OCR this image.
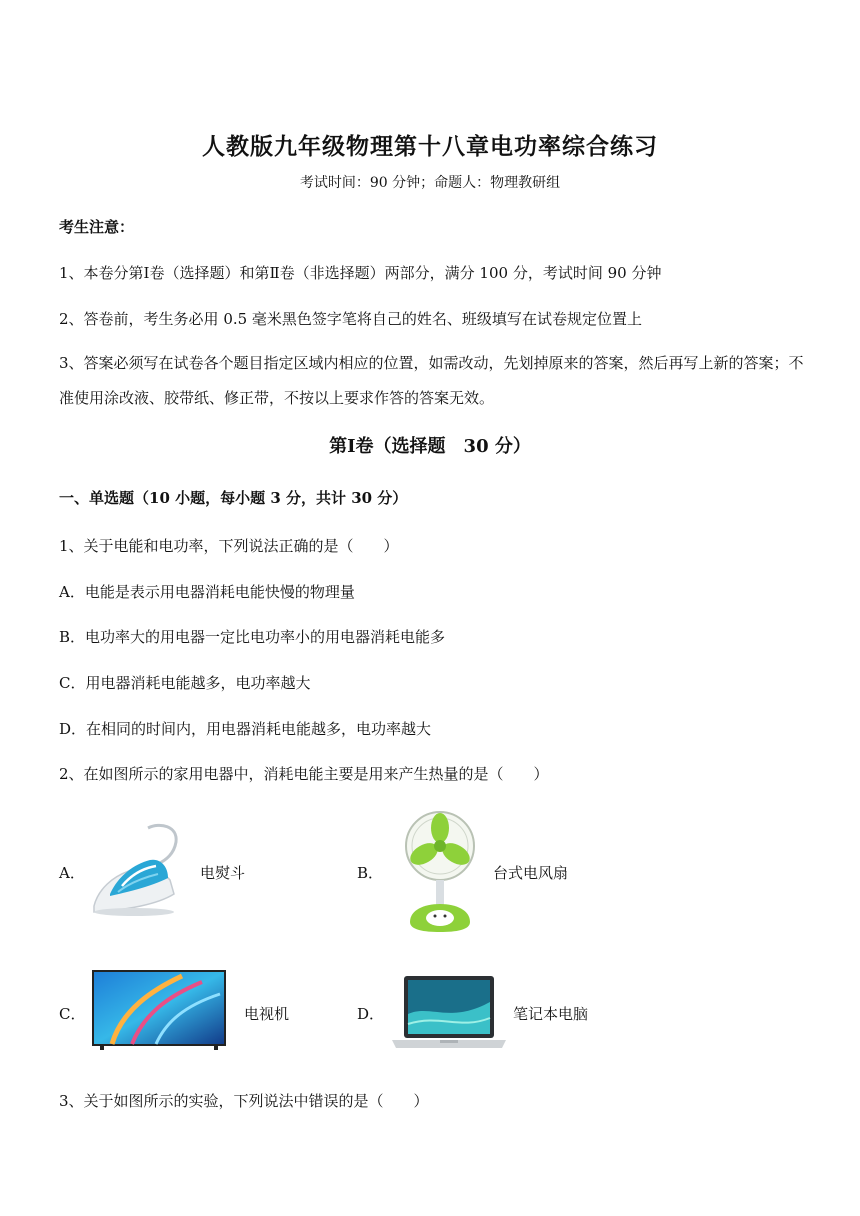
人教版九年级物理第十八章电功率综合练习
考试时间：90 分钟；命题人：物理教研组
考生注意：
1、本卷分第Ⅰ卷（选择题）和第Ⅱ卷（非选择题）两部分，满分 100 分，考试时间 90 分钟
2、答卷前，考生务必用 0.5 毫米黑色签字笔将自己的姓名、班级填写在试卷规定位置上
3、答案必须写在试卷各个题目指定区域内相应的位置，如需改动，先划掉原来的答案，然后再写上新的答案；不准使用涂改液、胶带纸、修正带，不按以上要求作答的答案无效。
第Ⅰ卷（选择题　30 分）
一、单选题（10 小题，每小题 3 分，共计 30 分）
1、关于电能和电功率，下列说法正确的是（　　）
A．电能是表示用电器消耗电能快慢的物理量
B．电功率大的用电器一定比电功率小的用电器消耗电能多
C．用电器消耗电能越多，电功率越大
D．在相同的时间内，用电器消耗电能越多，电功率越大
2、在如图所示的家用电器中，消耗电能主要是用来产生热量的是（　　）
A．	电熨斗	B．	台式电风扇
C．	电视机	D．	笔记本电脑
3、关于如图所示的实验，下列说法中错误的是（　　）
